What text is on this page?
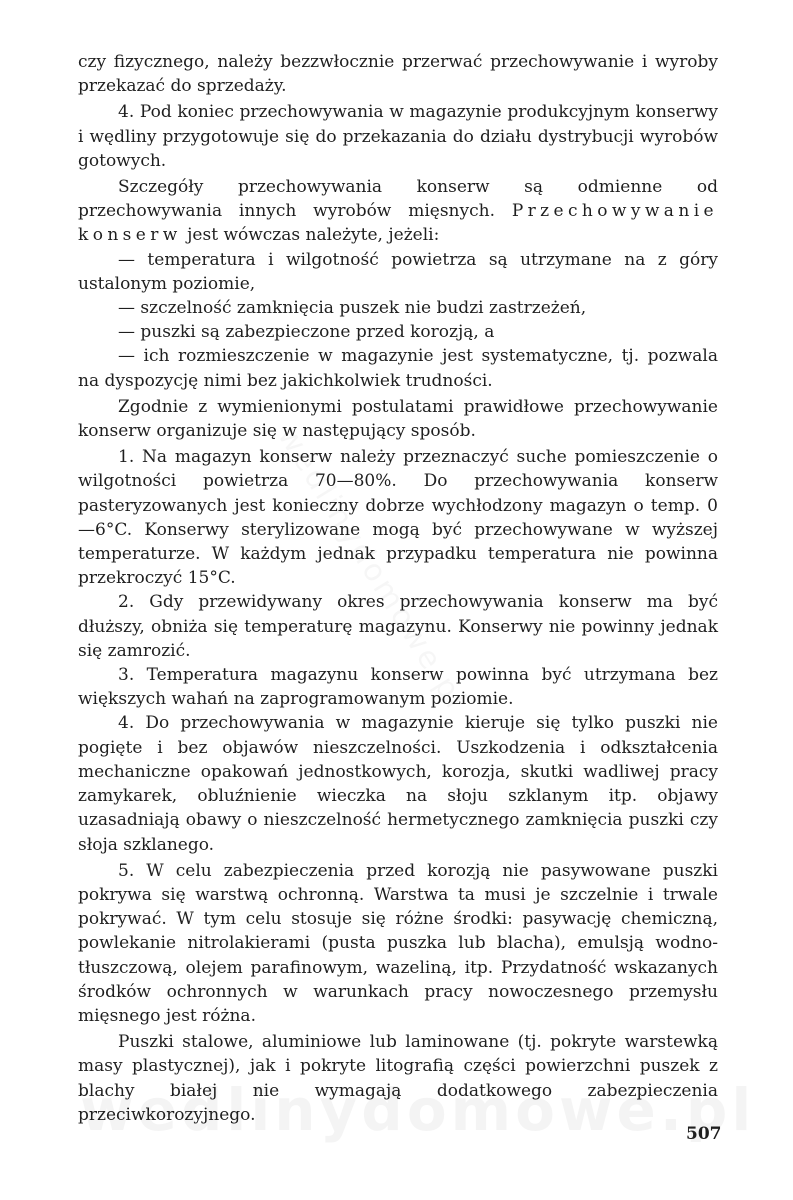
czy fizycznego, należy bezzwłocznie przerwać przechowywanie i wyroby przekazać do sprzedaży.

4. Pod koniec przechowywania w magazynie produkcyjnym konserwy i wędliny przygotowuje się do przekazania do działu dystrybucji wyrobów gotowych.

Szczegóły przechowywania konserw są odmienne od przechowywania innych wyrobów mięsnych. Przechowywanie konserw jest wówczas należyte, jeżeli:

— temperatura i wilgotność powietrza są utrzymane na z góry ustalonym poziomie,

— szczelność zamknięcia puszek nie budzi zastrzeżeń,

— puszki są zabezpieczone przed korozją, a

— ich rozmieszczenie w magazynie jest systematyczne, tj. pozwala na dyspozycję nimi bez jakichkolwiek trudności.

Zgodnie z wymienionymi postulatami prawidłowe przechowywanie konserw organizuje się w następujący sposób.

1. Na magazyn konserw należy przeznaczyć suche pomieszczenie o wilgotności powietrza 70—80%. Do przechowywania konserw pasteryzowanych jest konieczny dobrze wychłodzony magazyn o temp. 0—6°C. Konserwy sterylizowane mogą być przechowywane w wyższej temperaturze. W każdym jednak przypadku temperatura nie powinna przekroczyć 15°C.

2. Gdy przewidywany okres przechowywania konserw ma być dłuższy, obniża się temperaturę magazynu. Konserwy nie powinny jednak się zamrozić.

3. Temperatura magazynu konserw powinna być utrzymana bez większych wahań na zaprogramowanym poziomie.

4. Do przechowywania w magazynie kieruje się tylko puszki nie pogięte i bez objawów nieszczelności. Uszkodzenia i odkształcenia mechaniczne opakowań jednostkowych, korozja, skutki wadliwej pracy zamykarek, obluźnienie wieczka na słoju szklanym itp. objawy uzasadniają obawy o nieszczelność hermetycznego zamknięcia puszki czy słoja szklanego.

5. W celu zabezpieczenia przed korozją nie pasywowane puszki pokrywa się warstwą ochronną. Warstwa ta musi je szczelnie i trwale pokrywać. W tym celu stosuje się różne środki: pasywację chemiczną, powlekanie nitrolakierami (pusta puszka lub blacha), emulsją wodno-tłuszczową, olejem parafinowym, wazeliną, itp. Przydatność wskazanych środków ochronnych w warunkach pracy nowoczesnego przemysłu mięsnego jest różna.

Puszki stalowe, aluminiowe lub laminowane (tj. pokryte warstewką masy plastycznej), jak i pokryte litografią części powierzchni puszek z blachy białej nie wymagają dodatkowego zabezpieczenia przeciwkorozyjnego.

507
